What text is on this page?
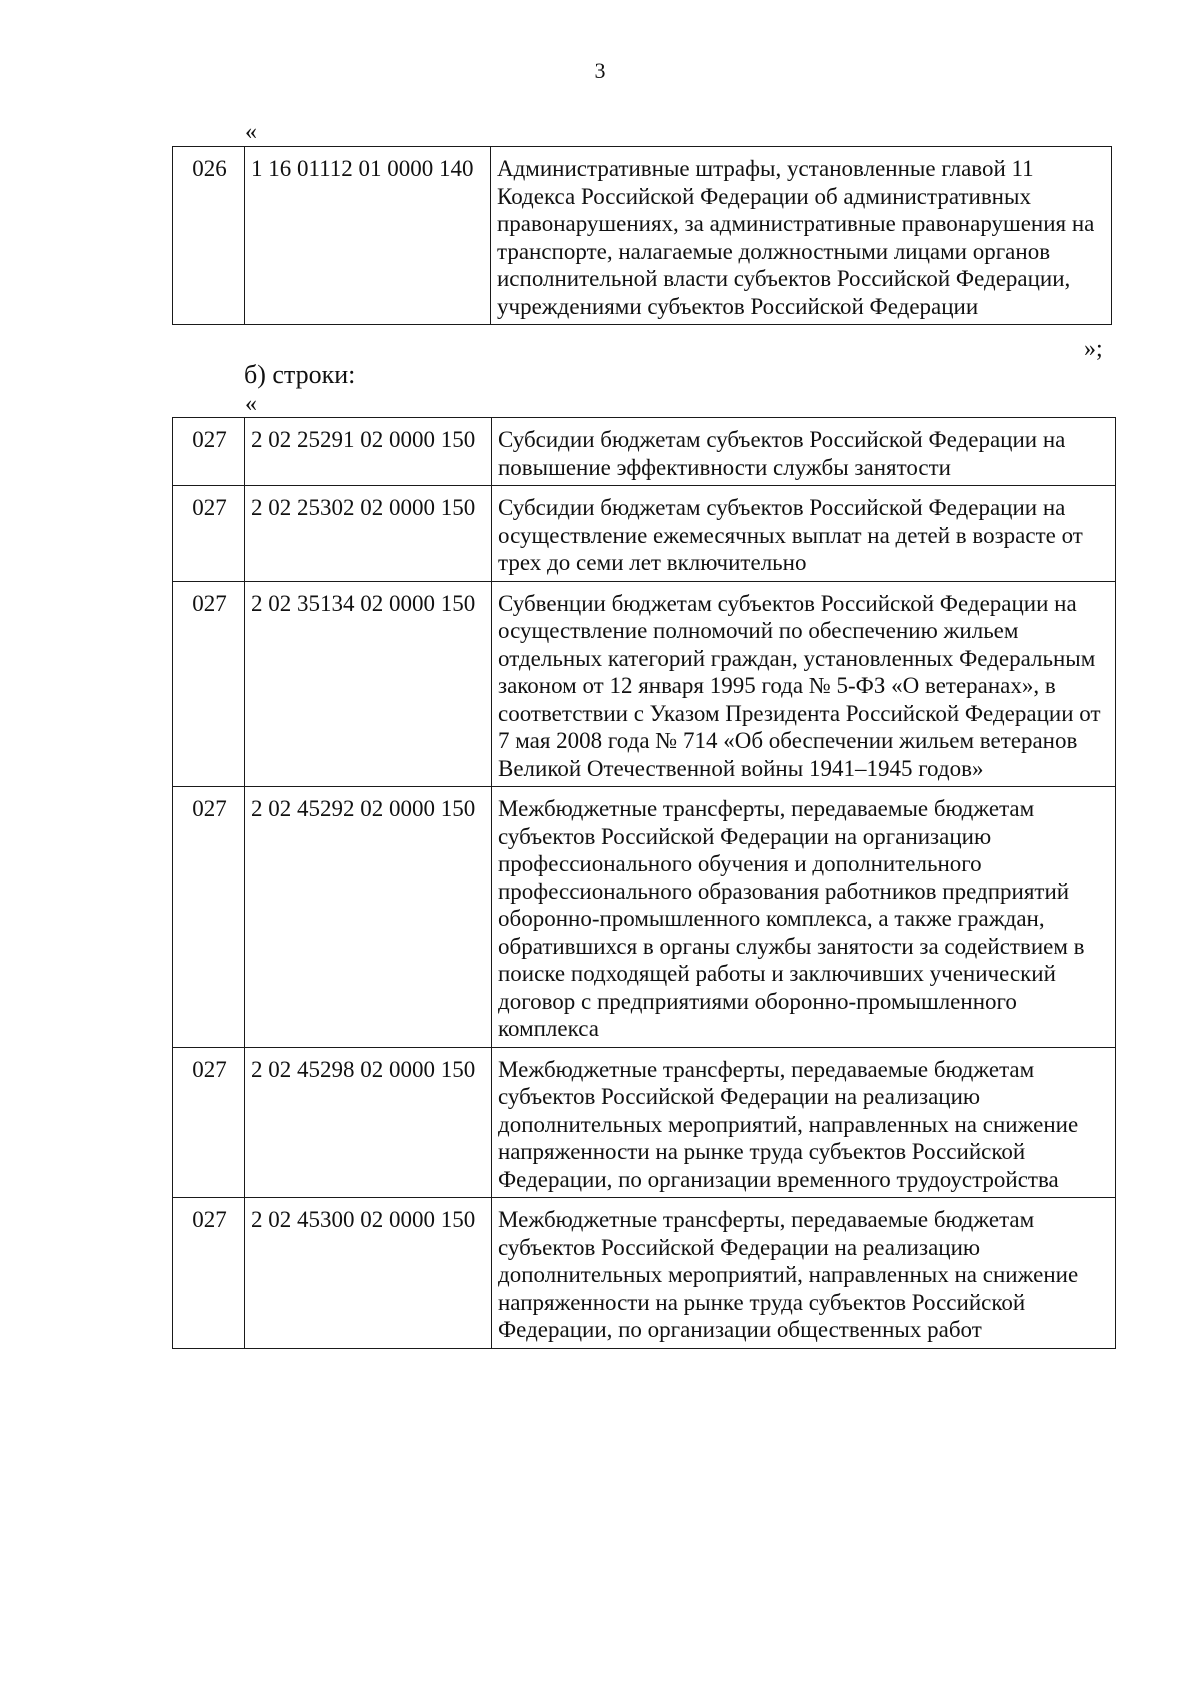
3
«
026	1 16 01112 01 0000 140	Административные штрафы, установленные главой 11 Кодекса Российской Федерации об административных правонарушениях, за административные правонарушения на транспорте, налагаемые должностными лицами органов исполнительной власти субъектов Российской Федерации, учреждениями субъектов Российской Федерации
»;
б) строки:
«
027	2 02 25291 02 0000 150	Субсидии бюджетам субъектов Российской Федерации на повышение эффективности службы занятости
027	2 02 25302 02 0000 150	Субсидии бюджетам субъектов Российской Федерации на осуществление ежемесячных выплат на детей в возрасте от трех до семи лет включительно
027	2 02 35134 02 0000 150	Субвенции бюджетам субъектов Российской Федерации на осуществление полномочий по обеспечению жильем отдельных категорий граждан, установленных Федеральным законом от 12 января 1995 года № 5-ФЗ «О ветеранах», в соответствии с Указом Президента Российской Федерации от 7 мая 2008 года № 714 «Об обеспечении жильем ветеранов Великой Отечественной войны 1941–1945 годов»
027	2 02 45292 02 0000 150	Межбюджетные трансферты, передаваемые бюджетам субъектов Российской Федерации на организацию профессионального обучения и дополнительного профессионального образования работников предприятий оборонно-промышленного комплекса, а также граждан, обратившихся в органы службы занятости за содействием в поиске подходящей работы и заключивших ученический договор с предприятиями оборонно-промышленного комплекса
027	2 02 45298 02 0000 150	Межбюджетные трансферты, передаваемые бюджетам субъектов Российской Федерации на реализацию дополнительных мероприятий, направленных на снижение напряженности на рынке труда субъектов Российской Федерации, по организации временного трудоустройства
027	2 02 45300 02 0000 150	Межбюджетные трансферты, передаваемые бюджетам субъектов Российской Федерации на реализацию дополнительных мероприятий, направленных на снижение напряженности на рынке труда субъектов Российской Федерации, по организации общественных работ
